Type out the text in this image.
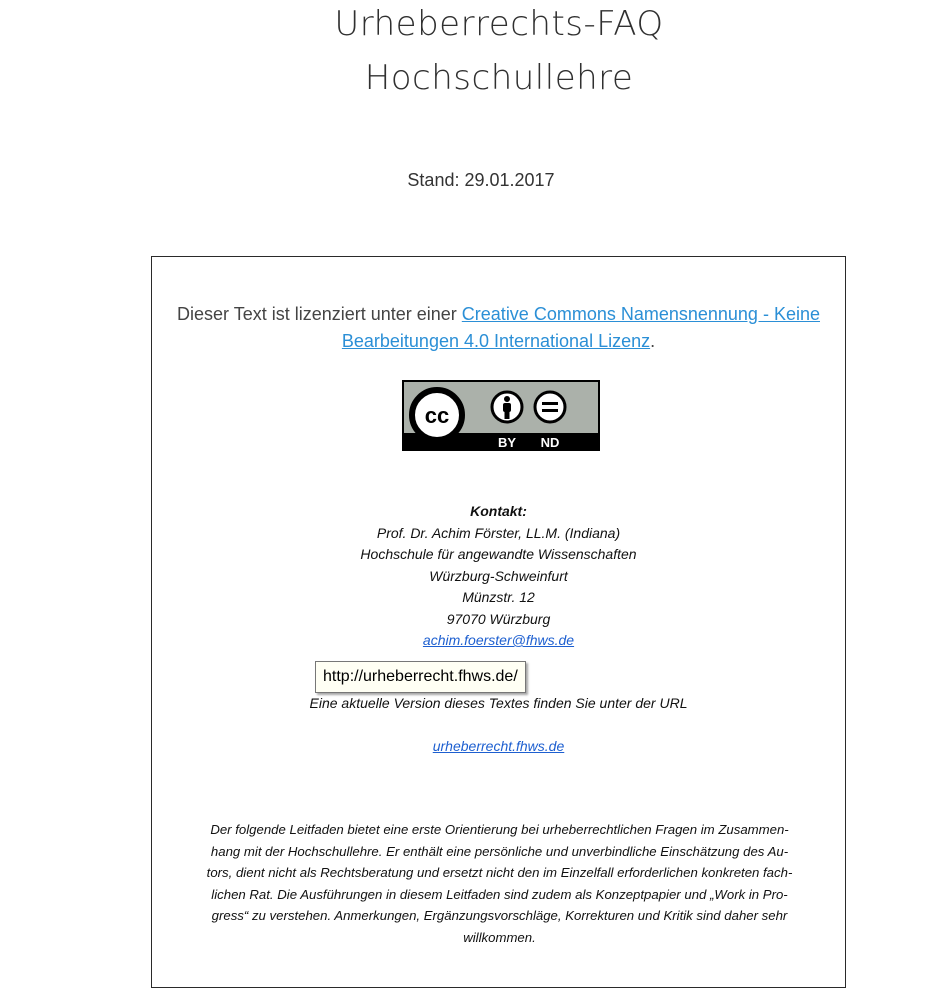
Urheberrechts-FAQ
Hochschullehre
Stand: 29.01.2017
Dieser Text ist lizenziert unter einer Creative Commons Namensnennung - Keine
Bearbeitungen 4.0 International Lizenz.
cc
BY ND
Kontakt:
Prof. Dr. Achim Förster, LL.M. (Indiana)
Hochschule für angewandte Wissenschaften
Würzburg-Schweinfurt
Münzstr. 12
97070 Würzburg
achim.foerster@fhws.de
http://urheberrecht.fhws.de/
Eine aktuelle Version dieses Textes finden Sie unter der URL
urheberrecht.fhws.de
Der folgende Leitfaden bietet eine erste Orientierung bei urheberrechtlichen Fragen im Zusammen-
hang mit der Hochschullehre. Er enthält eine persönliche und unverbindliche Einschätzung des Au-
tors, dient nicht als Rechtsberatung und ersetzt nicht den im Einzelfall erforderlichen konkreten fach-
lichen Rat. Die Ausführungen in diesem Leitfaden sind zudem als Konzeptpapier und „Work in Pro-
gress“ zu verstehen. Anmerkungen, Ergänzungsvorschläge, Korrekturen und Kritik sind daher sehr
willkommen.
